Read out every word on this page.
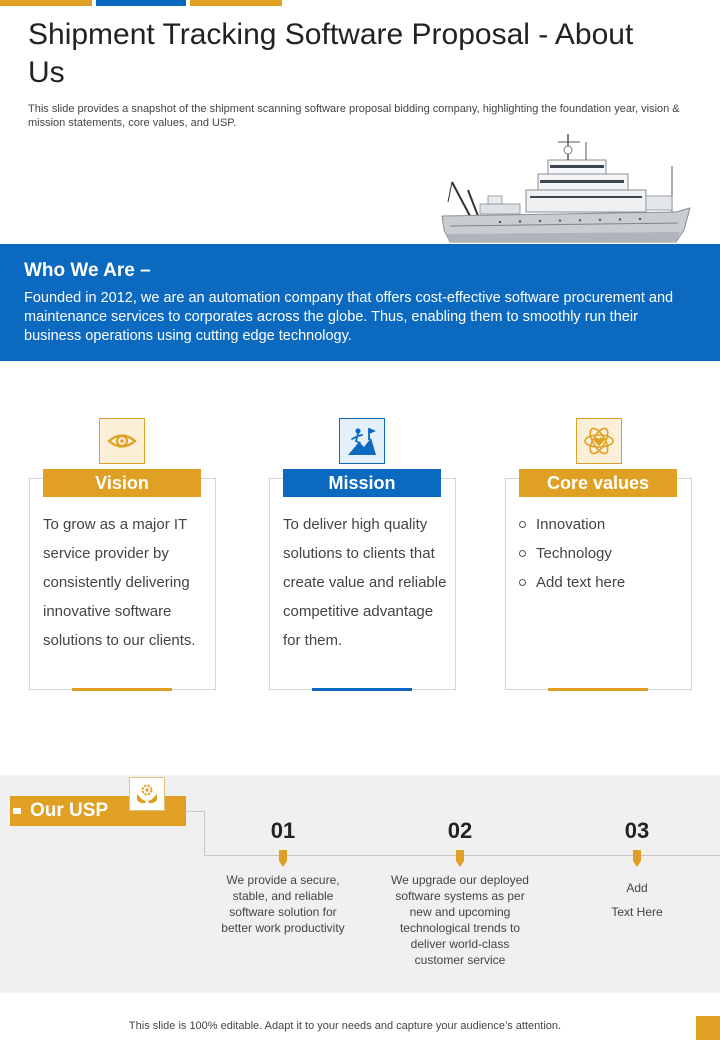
Shipment Tracking Software Proposal - About Us

This slide provides a snapshot of the shipment scanning software proposal bidding company, highlighting the foundation year, vision & mission statements, core values, and USP.

Who We Are –

Founded in 2012, we are an automation company that offers cost-effective software procurement and maintenance services to corporates across the globe. Thus, enabling them to smoothly run their business operations using cutting edge technology.

Vision
To grow as a major IT service provider by consistently delivering innovative software solutions to our clients.
Mission
To deliver high quality solutions to clients that create value and reliable competitive advantage for them.
Core values
Innovation
Technology
Add text here
Our USP
01
We provide a secure, stable, and reliable software solution for better work productivity
02
We upgrade our deployed software systems as per new and upcoming technological trends to deliver world-class customer service
03
Add
Text Here
This slide is 100% editable. Adapt it to your needs and capture your audience’s attention.
